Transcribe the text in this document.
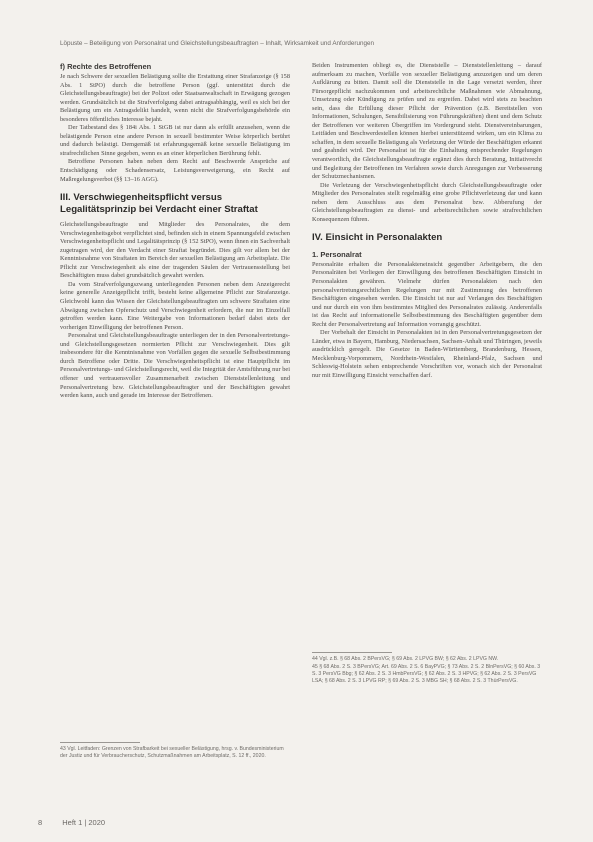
Löpuste – Beteiligung von Personalrat und Gleichstellungsbeauftragten – Inhalt, Wirksamkeit und Anforderungen
f) Rechte des Betroffenen

Je nach Schwere der sexuellen Belästigung sollte die Erstattung einer Strafanzeige (§ 158 Abs. 1 StPO) durch die betroffene Person (ggf. unterstützt durch die Gleichstellungsbeauftragte) bei der Polizei oder Staatsanwaltschaft in Erwägung gezogen werden. Grundsätzlich ist die Strafverfolgung dabei antragsabhängig, weil es sich bei der Belästigung um ein Antragsdelikt handelt, wenn nicht die Strafverfolgungsbehörde ein besonderes öffentliches Interesse bejaht.

Der Tatbestand des § 184i Abs. 1 StGB ist nur dann als erfüllt anzusehen, wenn die belästigende Person eine andere Person in sexuell bestimmter Weise körperlich berührt und dadurch belästigt. Demgemäß ist erfahrungsgemäß keine sexuelle Belästigung im strafrechtlichen Sinne gegeben, wenn es an einer körperlichen Berührung fehlt.

Betroffene Personen haben neben dem Recht auf Beschwerde Ansprüche auf Entschädigung oder Schadensersatz, Leistungsverweigerung, ein Recht auf Maßregelungsverbot (§§ 13–16 AGG).

III. Verschwiegenheitspflicht versus Legalitätsprinzip bei Verdacht einer Straftat

Gleichstellungsbeauftragte und Mitglieder des Personalrates, die dem Verschwiegenheitsgebot verpflichtet sind, befinden sich in einem Spannungsfeld zwischen Verschwiegenheitspflicht und Legalitätsprinzip (§ 152 StPO), wenn ihnen ein Sachverhalt zugetragen wird, der den Verdacht einer Straftat begründet. Dies gilt vor allem bei der Kenntnisnahme von Straftaten im Bereich der sexuellen Belästigung am Arbeitsplatz. Die Pflicht zur Verschwiegenheit als eine der tragenden Säulen der Vertrauensstellung bei Beschäftigten muss dabei grundsätzlich gewahrt werden.

Da vom Strafverfolgungszwang unterliegenden Personen neben dem Anzeigerecht keine generelle Anzeigepflicht trifft, besteht keine allgemeine Pflicht zur Strafanzeige. Gleichwohl kann das Wissen der Gleichstellungsbeauftragten um schwere Straftaten eine Abwägung zwischen Opferschutz und Verschwiegenheit erfordern, die nur im Einzelfall getroffen werden kann. Eine Weitergabe von Informationen bedarf dabei stets der vorherigen Einwilligung der betroffenen Person.

Personalrat und Gleichstellungsbeauftragte unterliegen der in den Personalvertretungs- und Gleichstellungsgesetzen normierten Pflicht zur Verschwiegenheit. Dies gilt insbesondere für die Kenntnisnahme von Vorfällen gegen die sexuelle Selbstbestimmung durch Betroffene oder Dritte. Die Verschwiegenheitspflicht ist eine Hauptpflicht im Personalvertretungs- und Gleichstellungsrecht, weil die Integrität der Amtsführung nur bei offener und vertrauensvoller Zusammenarbeit zwischen Dienststellenleitung und Personalvertretung bzw. Gleichstellungsbeauftragter und der Beschäftigten gewahrt werden kann, auch und gerade im Interesse der Betroffenen.

43 Vgl. Leitfaden: Grenzen von Strafbarkeit bei sexueller Belästigung, hrsg. v. Bundesministerium der Justiz und für Verbraucherschutz, Schutzmaßnahmen am Arbeitsplatz, S. 12 ff., 2020.

Beiden Instrumenten obliegt es, die Dienststelle – Dienststellenleitung – darauf aufmerksam zu machen, Vorfälle von sexueller Belästigung anzuzeigen und um deren Aufklärung zu bitten. Damit soll die Dienststelle in die Lage versetzt werden, ihrer Fürsorgepflicht nachzukommen und arbeitsrechtliche Maßnahmen wie Abmahnung, Umsetzung oder Kündigung zu prüfen und zu ergreifen. Dabei wird stets zu beachten sein, dass die Erfüllung dieser Pflicht der Prävention (z.B. Bereitstellen von Informationen, Schulungen, Sensibilisierung von Führungskräften) dient und dem Schutz der Betroffenen vor weiteren Übergriffen im Vordergrund steht. Dienstvereinbarungen, Leitfäden und Beschwerdestellen können hierbei unterstützend wirken, um ein Klima zu schaffen, in dem sexuelle Belästigung als Verletzung der Würde der Beschäftigten erkannt und geahndet wird. Der Personalrat ist für die Einhaltung entsprechender Regelungen verantwortlich, die Gleichstellungsbeauftragte ergänzt dies durch Beratung, Initiativrecht und Begleitung der Betroffenen im Verfahren sowie durch Anregungen zur Verbesserung der Schutzmechanismen.

Die Verletzung der Verschwiegenheitspflicht durch Gleichstellungsbeauftragte oder Mitglieder des Personalrates stellt regelmäßig eine grobe Pflichtverletzung dar und kann neben dem Ausschluss aus dem Personalrat bzw. Abberufung der Gleichstellungsbeauftragten zu dienst- und arbeitsrechtlichen sowie strafrechtlichen Konsequenzen führen.

IV. Einsicht in Personalakten
1. Personalrat

Personalräte erhalten die Personalakteneinsicht gegenüber Arbeitgebern, die den Personalräten bei Vorliegen der Einwilligung des betroffenen Beschäftigten Einsicht in Personalakten gewähren. Vielmehr dürfen Personalakten nach den personalvertretungsrechtlichen Regelungen nur mit Zustimmung des betroffenen Beschäftigten eingesehen werden. Die Einsicht ist nur auf Verlangen des Beschäftigten und nur durch ein von ihm bestimmtes Mitglied des Personalrates zulässig. Anderenfalls ist das Recht auf informationelle Selbstbestimmung des Beschäftigten gegenüber dem Recht der Personalvertretung auf Information vorrangig geschützt.

Der Vorbehalt der Einsicht in Personalakten ist in den Personalvertretungsgesetzen der Länder, etwa in Bayern, Hamburg, Niedersachsen, Sachsen-Anhalt und Thüringen, jeweils ausdrücklich geregelt. Die Gesetze in Baden-Württemberg, Brandenburg, Hessen, Mecklenburg-Vorpommern, Nordrhein-Westfalen, Rheinland-Pfalz, Sachsen und Schleswig-Holstein sehen entsprechende Vorschriften vor, wonach sich der Personalrat nur mit Einwilligung Einsicht verschaffen darf.

44 Vgl. z.B. § 68 Abs. 2 BPersVG; § 69 Abs. 2 LPVG BW; § 62 Abs. 2 LPVG NW.

45 § 68 Abs. 2 S. 3 BPersVG; Art. 69 Abs. 2 S. 6 BayPVG; § 73 Abs. 2 S. 2 BlnPersVG; § 60 Abs. 3 S. 3 PersVG Bbg; § 62 Abs. 2 S. 3 HmbPersVG; § 62 Abs. 2 S. 3 HPVG; § 62 Abs. 2 S. 3 PersVG LSA; § 68 Abs. 2 S. 3 LPVG RP; § 69 Abs. 2 S. 3 MBG SH; § 68 Abs. 2 S. 3 ThürPersVG.

8	Heft 1 | 2020
